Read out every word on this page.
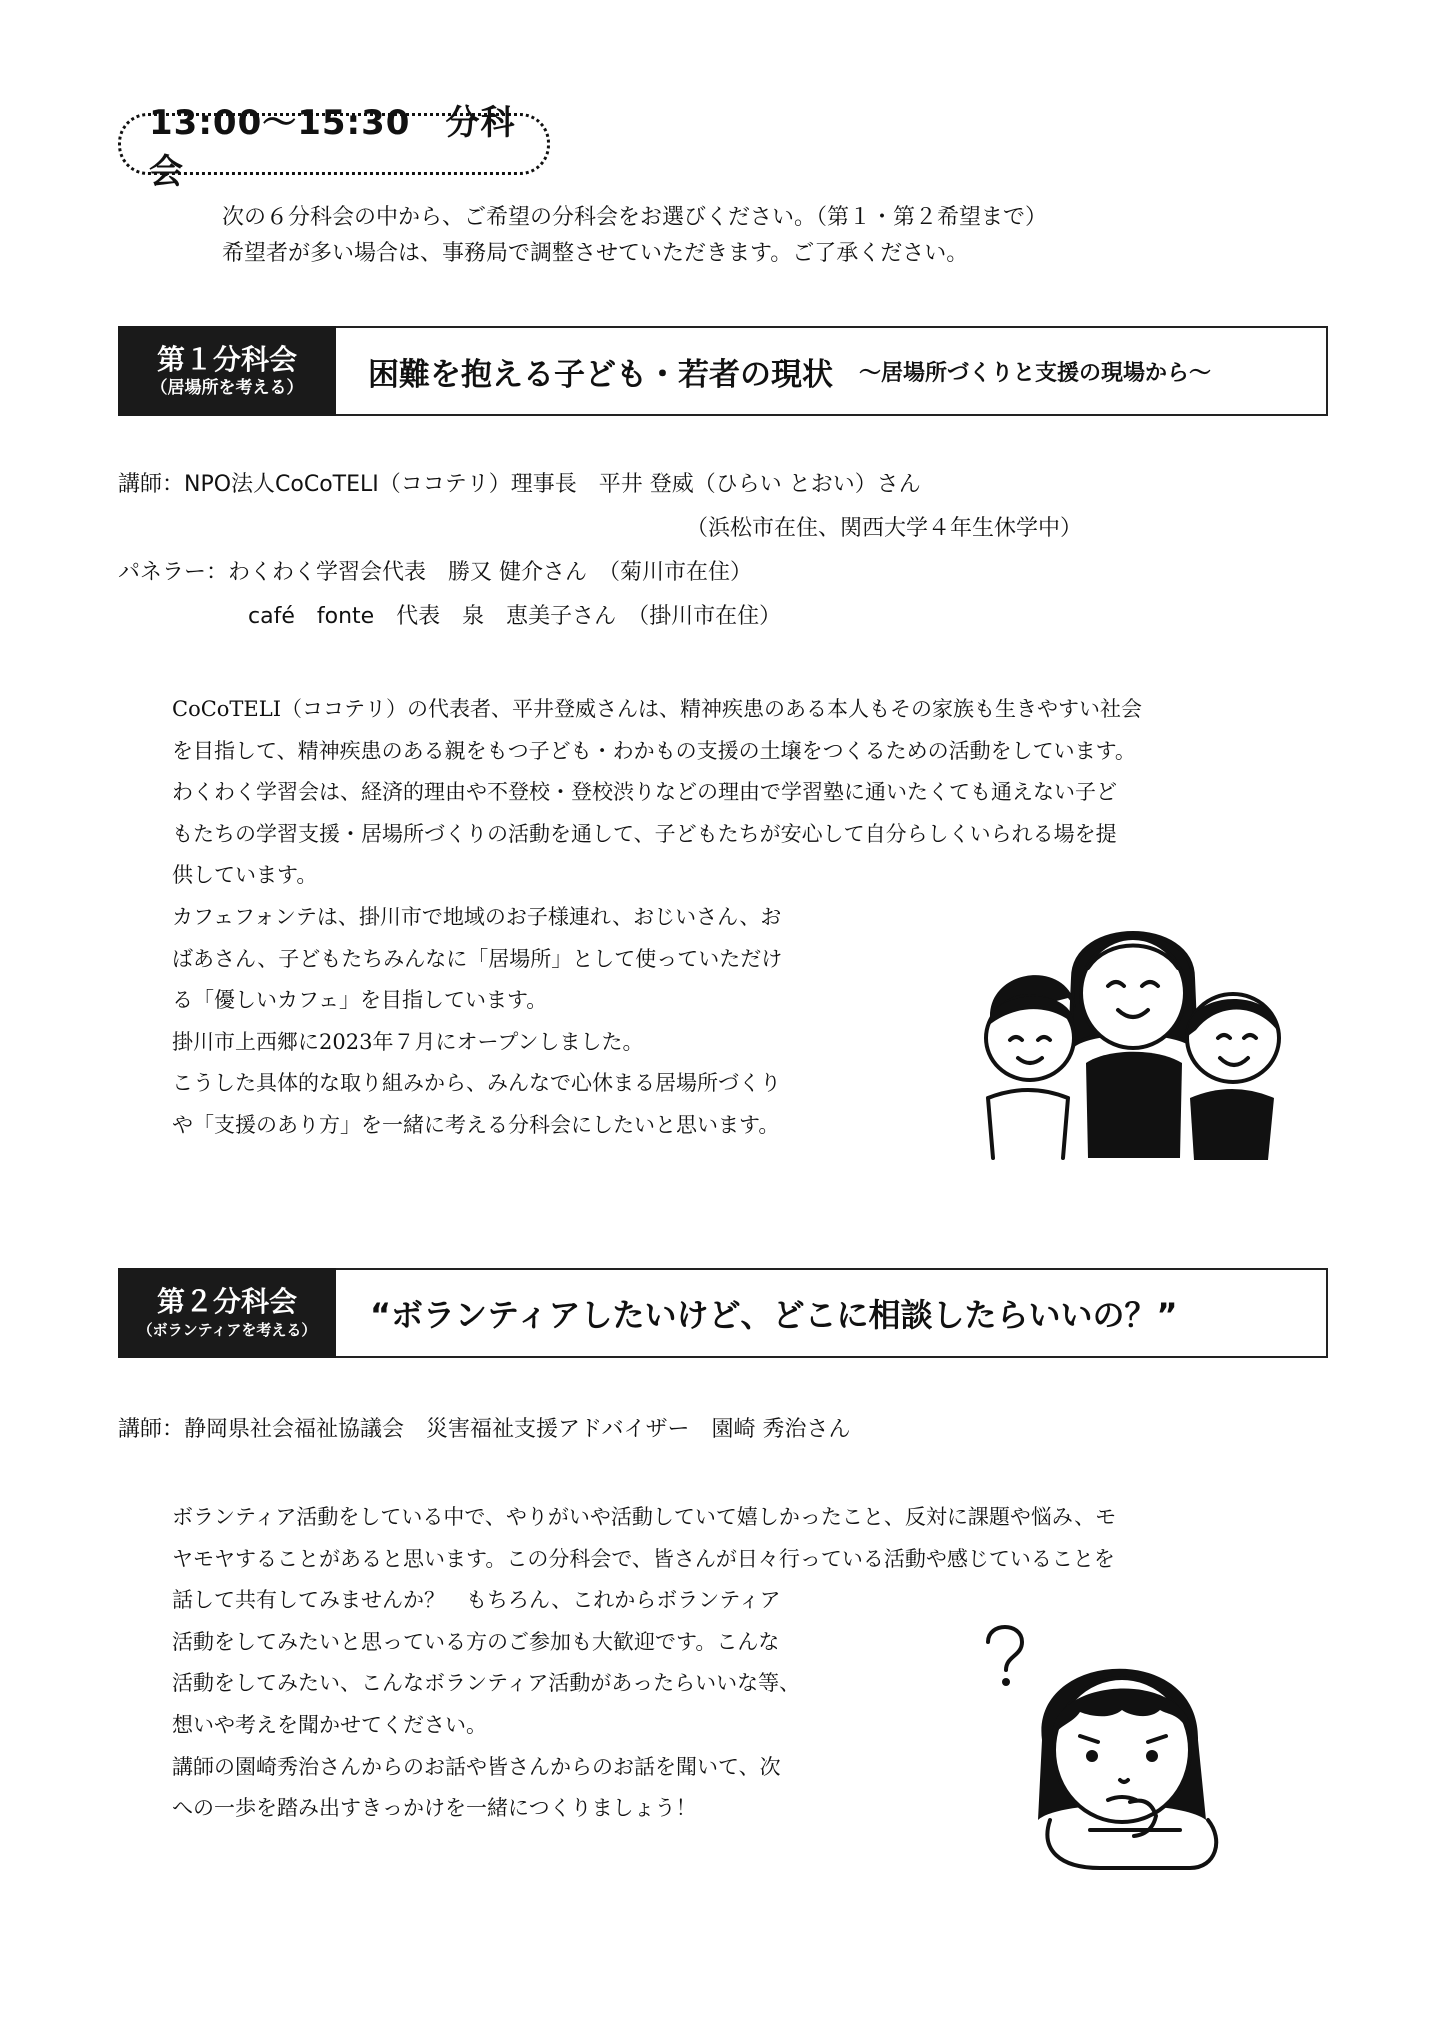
13:00〜15:30　分科会
次の６分科会の中から、ご希望の分科会をお選びください。（第１・第２希望まで）
希望者が多い場合は、事務局で調整させていただきます。ご了承ください。
第１分科会
（居場所を考える）	困難を抱える子ども・若者の現状 〜居場所づくりと支援の現場から〜
講師：NPO法人CoCoTELI（ココテリ）理事長　平井 登威（ひらい とおい）さん
（浜松市在住、関西大学４年生休学中）
パネラー：わくわく学習会代表　勝又 健介さん　（菊川市在住）
café　fonte　代表　泉　恵美子さん　（掛川市在住）
CoCoTELI（ココテリ）の代表者、平井登威さんは、精神疾患のある本人もその家族も生きやすい社会
を目指して、精神疾患のある親をもつ子ども・わかもの支援の土壌をつくるための活動をしています。
わくわく学習会は、経済的理由や不登校・登校渋りなどの理由で学習塾に通いたくても通えない子ど
もたちの学習支援・居場所づくりの活動を通して、子どもたちが安心して自分らしくいられる場を提
供しています。
カフェフォンテは、掛川市で地域のお子様連れ、おじいさん、お
ばあさん、子どもたちみんなに「居場所」として使っていただけ
る「優しいカフェ」を目指しています。
掛川市上西郷に2023年７月にオープンしました。
こうした具体的な取り組みから、みんなで心休まる居場所づくり
や「支援のあり方」を一緒に考える分科会にしたいと思います。
第２分科会
（ボランティアを考える）	“ボランティアしたいけど、どこに相談したらいいの？”
講師：静岡県社会福祉協議会　災害福祉支援アドバイザー　園崎 秀治さん
ボランティア活動をしている中で、やりがいや活動していて嬉しかったこと、反対に課題や悩み、モ
ヤモヤすることがあると思います。この分科会で、皆さんが日々行っている活動や感じていることを
話して共有してみませんか？　もちろん、これからボランティア
活動をしてみたいと思っている方のご参加も大歓迎です。こんな
活動をしてみたい、こんなボランティア活動があったらいいな等、
想いや考えを聞かせてください。
講師の園崎秀治さんからのお話や皆さんからのお話を聞いて、次
への一歩を踏み出すきっかけを一緒につくりましょう！
